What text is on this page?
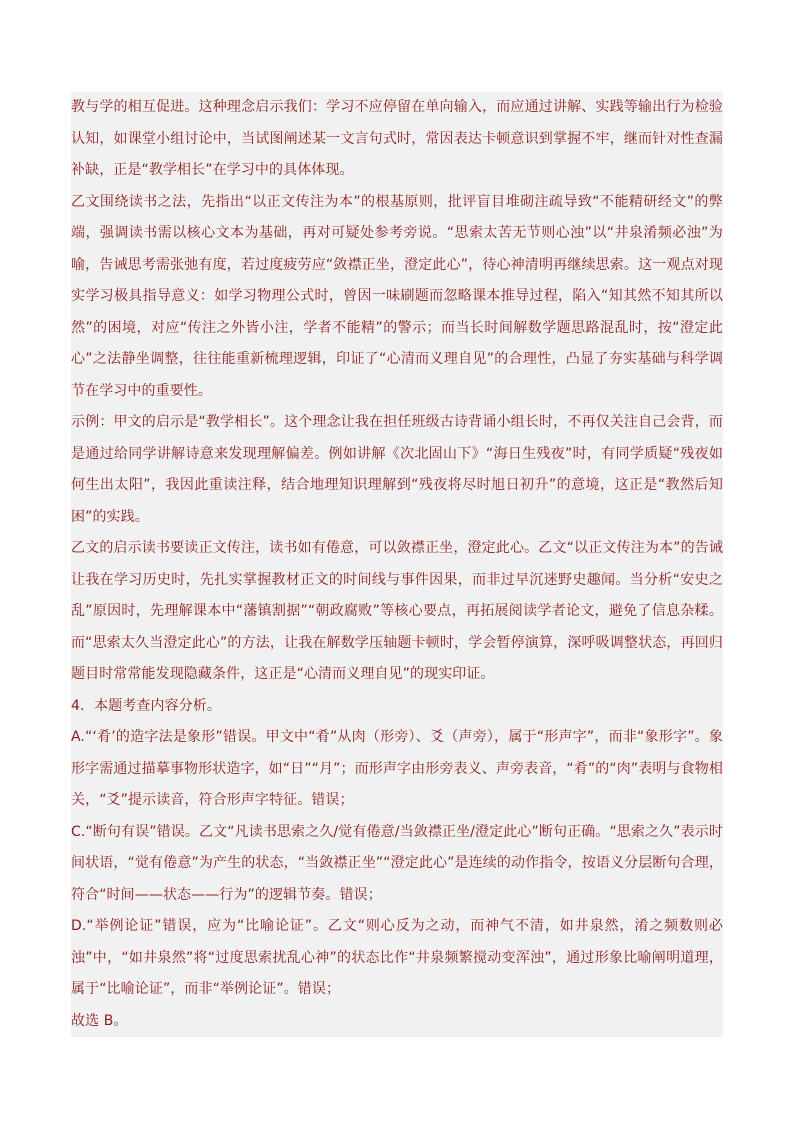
教与学的相互促进。这种理念启示我们：学习不应停留在单向输入，而应通过讲解、实践等输出行为检验认知，如课堂小组讨论中，当试图阐述某一文言句式时，常因表达卡顿意识到掌握不牢，继而针对性查漏补缺，正是“教学相长”在学习中的具体体现。

乙文围绕读书之法，先指出“以正文传注为本”的根基原则，批评盲目堆砌注疏导致“不能精研经文”的弊端，强调读书需以核心文本为基础，再对可疑处参考旁说。“思索太苦无节则心浊”以“井泉淆频必浊”为喻，告诫思考需张弛有度，若过度疲劳应“敛襟正坐，澄定此心”，待心神清明再继续思索。这一观点对现实学习极具指导意义：如学习物理公式时，曾因一味刷题而忽略课本推导过程，陷入“知其然不知其所以然”的困境，对应“传注之外皆小注，学者不能精”的警示；而当长时间解数学题思路混乱时，按“澄定此心”之法静坐调整，往往能重新梳理逻辑，印证了“心清而义理自见”的合理性，凸显了夯实基础与科学调节在学习中的重要性。

示例：甲文的启示是“教学相长”。这个理念让我在担任班级古诗背诵小组长时，不再仅关注自己会背，而是通过给同学讲解诗意来发现理解偏差。例如讲解《次北固山下》“海日生残夜”时，有同学质疑“残夜如何生出太阳”，我因此重读注释，结合地理知识理解到“残夜将尽时旭日初升”的意境，这正是“教然后知困”的实践。

乙文的启示读书要读正文传注，读书如有倦意，可以敛襟正坐，澄定此心。乙文“以正文传注为本”的告诫让我在学习历史时，先扎实掌握教材正文的时间线与事件因果，而非过早沉迷野史趣闻。当分析“安史之乱”原因时，先理解课本中“藩镇割据”“朝政腐败”等核心要点，再拓展阅读学者论文，避免了信息杂糅。而“思索太久当澄定此心”的方法，让我在解数学压轴题卡顿时，学会暂停演算，深呼吸调整状态，再回归题目时常常能发现隐藏条件，这正是“心清而义理自见”的现实印证。

4．本题考查内容分析。

A.“‘肴’的造字法是象形”错误。甲文中“肴”从肉（形旁）、爻（声旁），属于“形声字”，而非“象形字”。象形字需通过描摹事物形状造字，如“日”“月”；而形声字由形旁表义、声旁表音，“肴”的“肉”表明与食物相关，“爻”提示读音，符合形声字特征。错误；

C.“断句有误”错误。乙文“凡读书思索之久/觉有倦意/当敛襟正坐/澄定此心”断句正确。“思索之久”表示时间状语，“觉有倦意”为产生的状态，“当敛襟正坐”“澄定此心”是连续的动作指令，按语义分层断句合理，符合“时间——状态——行为”的逻辑节奏。错误；

D.“举例论证”错误，应为“比喻论证”。乙文“则心反为之动，而神气不清，如井泉然，淆之频数则必浊”中，“如井泉然”将“过度思索扰乱心神”的状态比作“井泉频繁搅动变浑浊”，通过形象比喻阐明道理，属于“比喻论证”，而非“举例论证”。错误；

故选 B。
